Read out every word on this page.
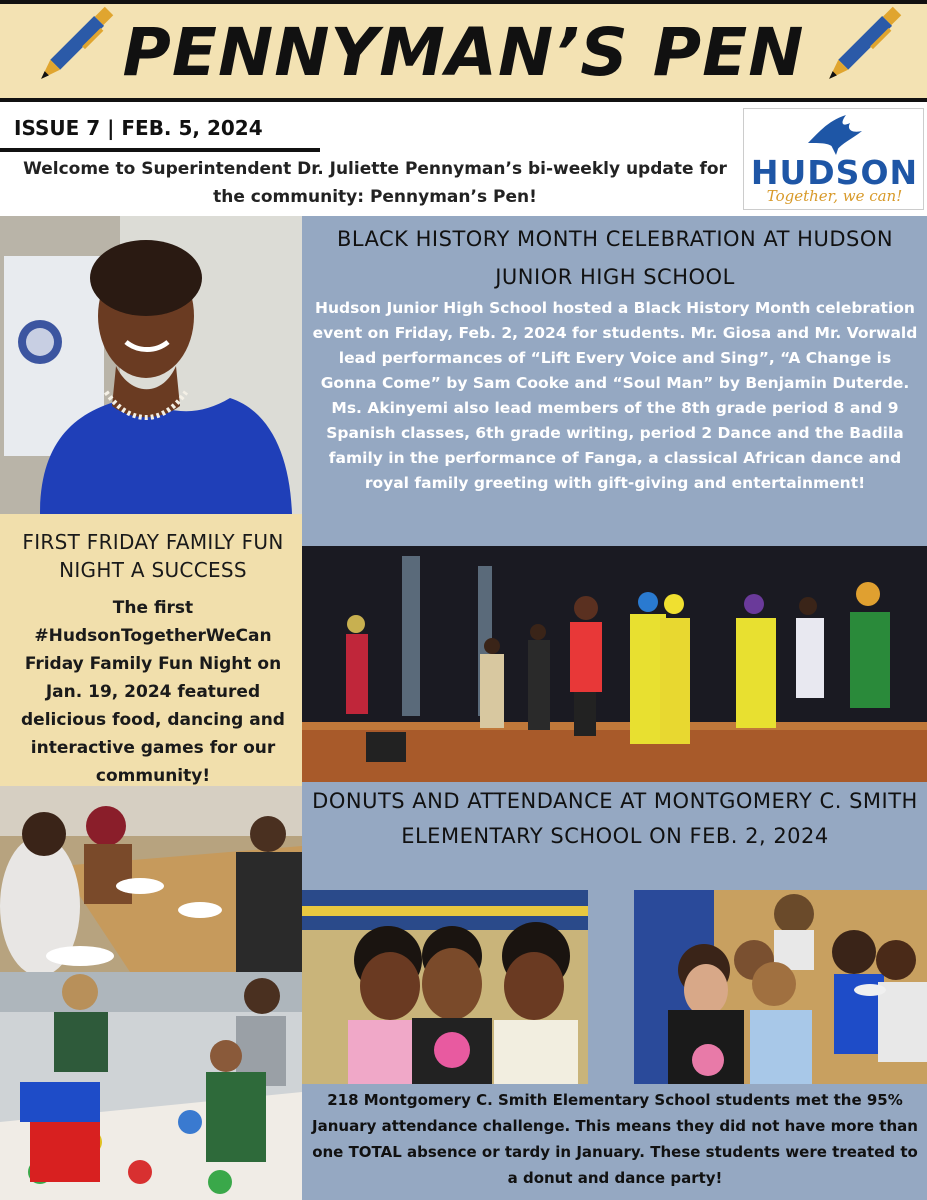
PENNYMAN’S PEN
ISSUE 7 | FEB. 5, 2024
Welcome to Superintendent Dr. Juliette Pennyman’s bi-weekly update for the community: Pennyman’s Pen!
HUDSON
Together, we can!
FIRST FRIDAY FAMILY FUN NIGHT A SUCCESS
The first #HudsonTogetherWeCan Friday Family Fun Night on Jan. 19, 2024 featured delicious food, dancing and interactive games for our community!
BLACK HISTORY MONTH CELEBRATION AT HUDSON JUNIOR HIGH SCHOOL
Hudson Junior High School hosted a Black History Month celebration event on Friday, Feb. 2, 2024 for students. Mr. Giosa and Mr. Vorwald lead performances of “Lift Every Voice and Sing”, “A Change is Gonna Come” by Sam Cooke and “Soul Man” by Benjamin Duterde. Ms. Akinyemi also lead members of the 8th grade period 8 and 9 Spanish classes, 6th grade writing, period 2 Dance and the Badila family in the performance of Fanga, a classical African dance and royal family greeting with gift-giving and entertainment!
DONUTS AND ATTENDANCE AT MONTGOMERY C. SMITH ELEMENTARY SCHOOL ON FEB. 2, 2024
218 Montgomery C. Smith Elementary School students met the 95% January attendance challenge. This means they did not have more than one TOTAL absence or tardy in January. These students were treated to a donut and dance party!
